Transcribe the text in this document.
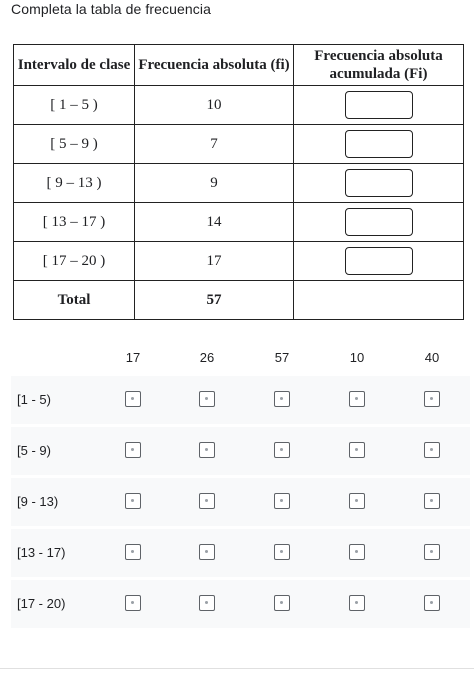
Completa la tabla de frecuencia
Intervalo de clase	Frecuencia absoluta (fi)	Frecuencia absoluta acumulada (Fi)
[ 1 – 5 )	10	
[ 5 – 9 )	7	
[ 9 – 13 )	9	
[ 13 – 17 )	14	
[ 17 – 20 )	17	
Total	57	
17	26	57	10	40
[1 - 5)
[5 - 9)
[9 - 13)
[13 - 17)
[17 - 20)
